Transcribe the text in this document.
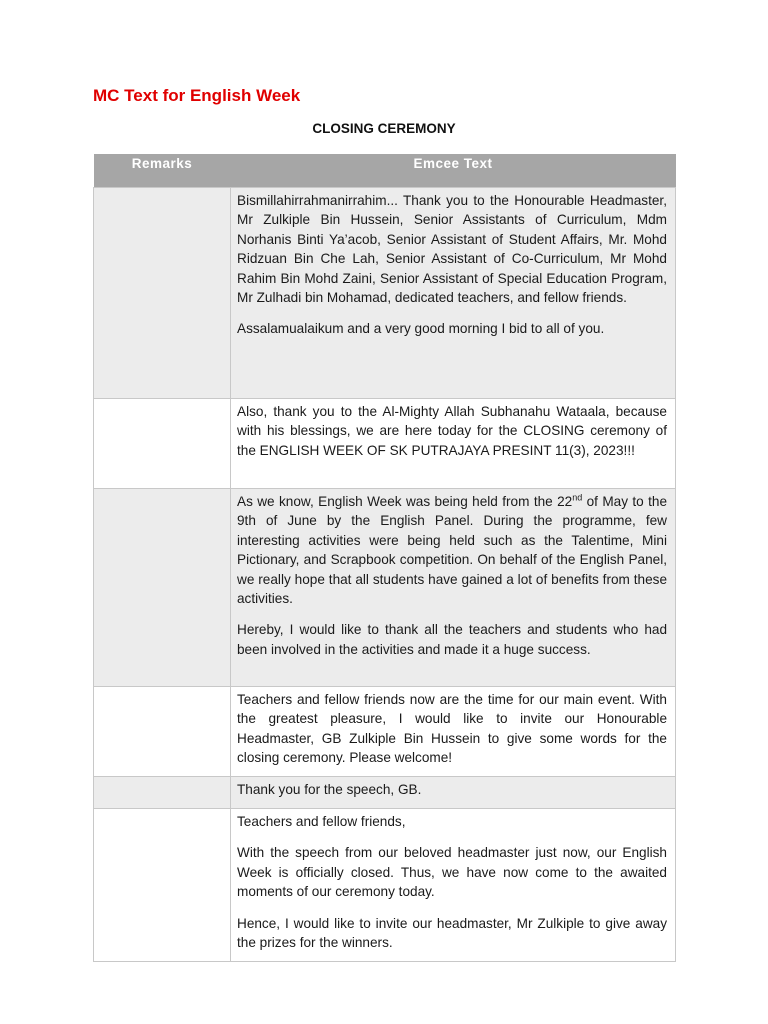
MC Text for English Week
CLOSING CEREMONY
Remarks	Emcee Text

	Bismillahirrahmanirrahim... Thank you to the Honourable Headmaster, Mr Zulkiple Bin Hussein, Senior Assistants of Curriculum, Mdm Norhanis Binti Ya’acob, Senior Assistant of Student Affairs, Mr. Mohd Ridzuan Bin Che Lah, Senior Assistant of Co-Curriculum, Mr Mohd Rahim Bin Mohd Zaini, Senior Assistant of Special Education Program, Mr Zulhadi bin Mohamad, dedicated teachers, and fellow friends.

Assalamualaikum and a very good morning I bid to all of you.

	Also, thank you to the Al-Mighty Allah Subhanahu Wataala, because with his blessings, we are here today for the CLOSING ceremony of the ENGLISH WEEK OF SK PUTRAJAYA PRESINT 11(3), 2023!!!

	As we know, English Week was being held from the 22nd of May to the 9th of June by the English Panel. During the programme, few interesting activities were being held such as the Talentime, Mini Pictionary, and Scrapbook competition. On behalf of the English Panel, we really hope that all students have gained a lot of benefits from these activities.

Hereby, I would like to thank all the teachers and students who had been involved in the activities and made it a huge success.

	Teachers and fellow friends now are the time for our main event. With the greatest pleasure, I would like to invite our Honourable Headmaster, GB Zulkiple Bin Hussein to give some words for the closing ceremony. Please welcome!

	Thank you for the speech, GB.

	Teachers and fellow friends,

With the speech from our beloved headmaster just now, our English Week is officially closed. Thus, we have now come to the awaited moments of our ceremony today.

Hence, I would like to invite our headmaster, Mr Zulkiple to give away the prizes for the winners.
